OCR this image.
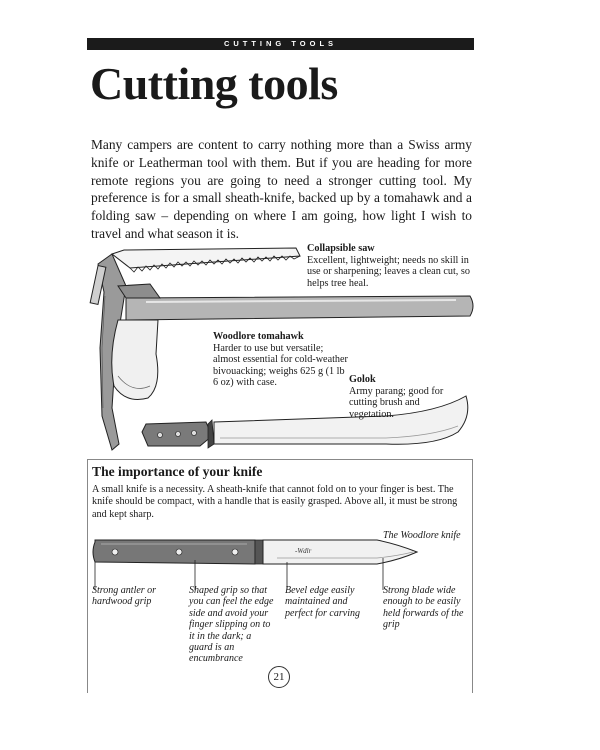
CUTTING TOOLS
Cutting tools

Many campers are content to carry nothing more than a Swiss army knife or Leatherman tool with them. But if you are heading for more remote regions you are going to need a stronger cutting tool. My preference is for a small sheath-knife, backed up by a tomahawk and a folding saw – depending on where I am going, how light I wish to travel and what season it is.

Collapsible saw
Excellent, lightweight; needs no skill in use or sharpening; leaves a clean cut, so helps tree heal.

Woodlore tomahawk
Harder to use but versatile; almost essential for cold-weather bivouacking; weighs 625 g (1 lb 6 oz) with case.	Golok
Army parang; good for cutting brush and vegetation.

The importance of your knife

A small knife is a necessity. A sheath-knife that cannot fold on to your finger is best. The knife should be compact, with a handle that is easily grasped. Above all, it must be strong and kept sharp.

The Woodlore knife

-Wdlr

Strong antler or hardwood grip

Shaped grip so that you can feel the edge side and avoid your finger slipping on to it in the dark; a guard is an encumbrance

Bevel edge easily maintained and perfect for carving

Strong blade wide enough to be easily held forwards of the grip

21
